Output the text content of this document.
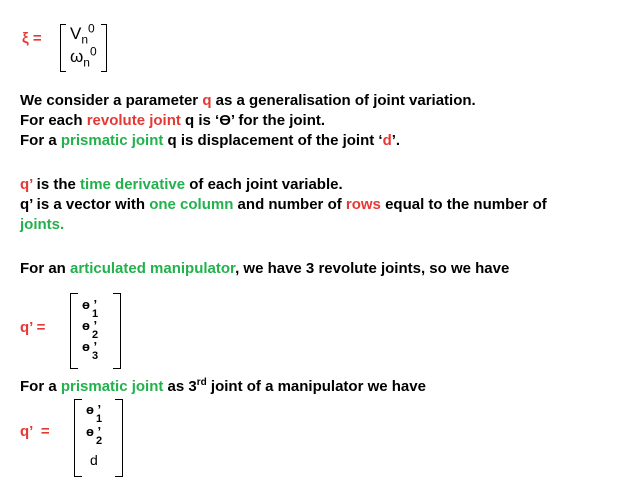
$\xi = V_n^0$
$\omega_n^0$
We consider a parameter q as a generalisation of joint variation.
For each revolute joint q is ‘Ө’ for the joint.
For a prismatic joint q is displacement of the joint ‘d’.
q’ is the time derivative of each joint variable.
q’ is a vector with one column and number of rows equal to the number of
joints.
For an articulated manipulator, we have 3 revolute joints, so we have
q’ =
ө ’
1
ө ’
2
ө ’
3
For a prismatic joint as 3rd joint of a manipulator we have
q’  =
ө ’
1
ө ’
2
d
